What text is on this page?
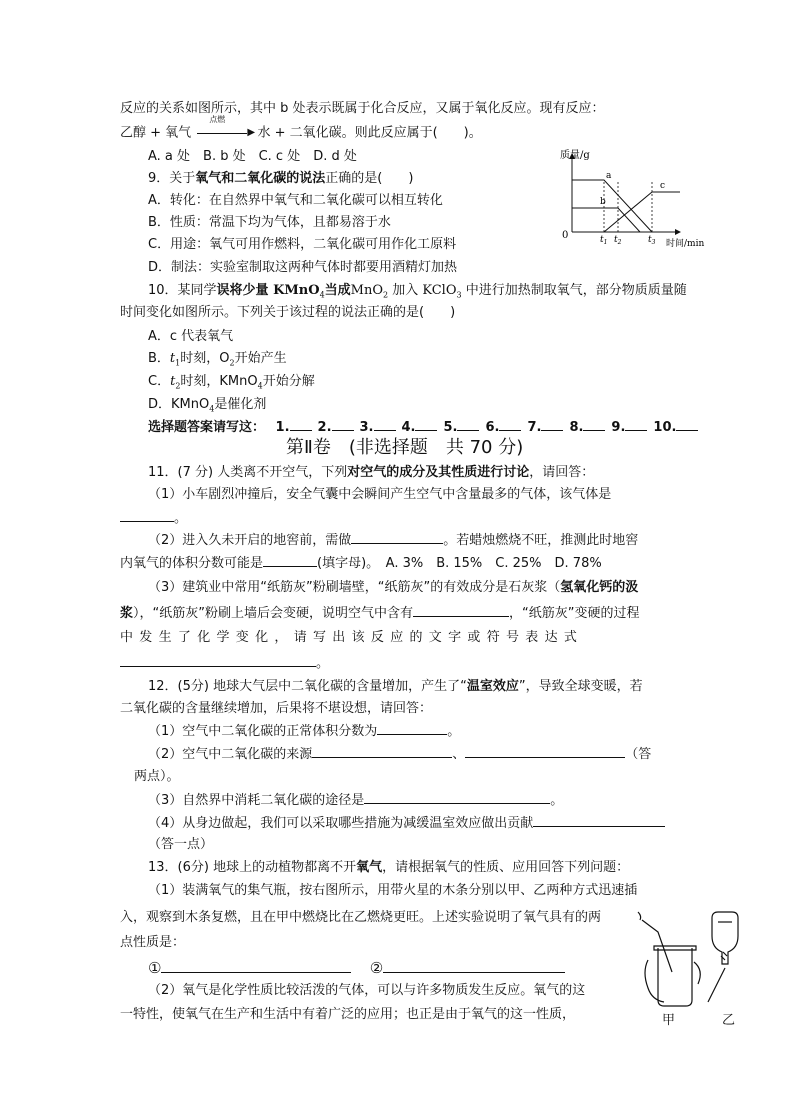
反应的关系如图所示，其中 b 处表示既属于化合反应，又属于氧化反应。现有反应：
乙醇 + 氧气
点燃
▶ 水 + 二氧化碳。则此反应属于(　　)。
A. a 处　B. b 处　C. c 处　D. d 处
9．关于氧气和二氧化碳的说法正确的是(　　)
A．转化：在自然界中氧气和二氧化碳可以相互转化
B．性质：常温下均为气体，且都易溶于水
C．用途：氧气可用作燃料，二氧化碳可用作化工原料
D．制法：实验室制取这两种气体时都要用酒精灯加热
质量/g
时间/min
0	$t_1$ $t_2$	$t_3$
a
b
c
10．某同学误将少量 KMnO$_4$当成MnO$_2$ 加入 KClO$_3$ 中进行加热制取氧气，部分物质质量随
时间变化如图所示。下列关于该过程的说法正确的是(　　)
A．c 代表氧气
B．$t_1$时刻，$O_2$开始产生
C．$t_2$时刻，KMnO$_4$开始分解
D．KMnO$_4$是催化剂
选择题答案请写这： 1. 2. 3. 4. 5. 6. 7. 8. 9. 10.
第Ⅱ卷　(非选择题　共 70 分)
11．(7 分) 人类离不开空气，下列对空气的成分及其性质进行讨论，请回答：
（1）小车剧烈冲撞后，安全气囊中会瞬间产生空气中含量最多的气体，该气体是
。
（2）进入久未开启的地窖前，需做	。若蜡烛燃烧不旺，推测此时地窖
内氧气的体积分数可能是	(填字母)。　A. 3%　B. 15%　C. 25%　D. 78%
（3）建筑业中常用“纸筋灰”粉刷墙壁，“纸筋灰”的有效成分是石灰浆（氢氧化钙的汲
浆），“纸筋灰”粉刷上墙后会变硬，说明空气中含有	，“纸筋灰”变硬的过程
中发生了化学变化，请写出该反应的文字或符号表达式
。
12．(5分) 地球大气层中二氧化碳的含量增加，产生了“温室效应”，导致全球变暖，若
二氧化碳的含量继续增加，后果将不堪设想，请回答：
（1）空气中二氧化碳的正常体积分数为	。
（2）空气中二氧化碳的来源	、	（答
两点）。
（3）自然界中消耗二氧化碳的途径是	。
（4）从身边做起，我们可以采取哪些措施为减缓温室效应做出贡献
（答一点）
13．(6分) 地球上的动植物都离不开氧气，请根据氧气的性质、应用回答下列问题：
（1）装满氧气的集气瓶，按右图所示，用带火星的木条分别以甲、乙两种方式迅速插
入，观察到木条复燃，且在甲中燃烧比在乙燃烧更旺。上述实验说明了氧气具有的两
点性质是：
①	②
（2）氧气是化学性质比较活泼的气体，可以与许多物质发生反应。氧气的这
一特性，使氧气在生产和生活中有着广泛的应用；也正是由于氧气的这一性质，	甲	乙
